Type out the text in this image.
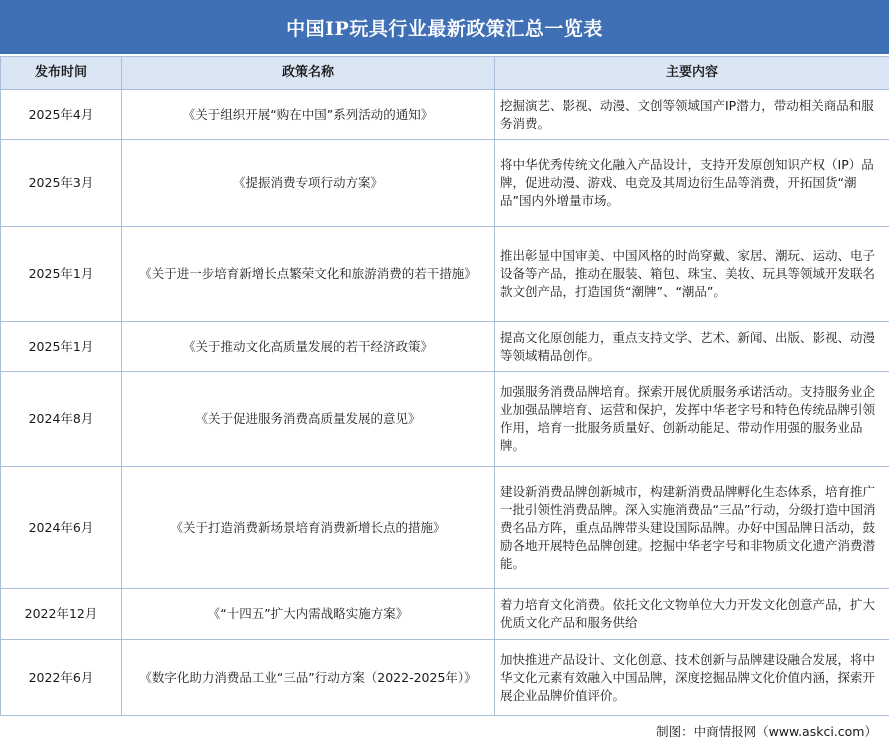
中国IP玩具行业最新政策汇总一览表
发布时间	政策名称	主要内容
2025年4月	《关于组织开展“购在中国”系列活动的通知》	挖掘演艺、影视、动漫、文创等领域国产IP潜力，带动相关商品和服务消费。
2025年3月	《提振消费专项行动方案》	将中华优秀传统文化融入产品设计，支持开发原创知识产权（IP）品牌，促进动漫、游戏、电竞及其周边衍生品等消费，开拓国货“潮品”国内外增量市场。
2025年1月	《关于进一步培育新增长点繁荣文化和旅游消费的若干措施》	推出彰显中国审美、中国风格的时尚穿戴、家居、潮玩、运动、电子设备等产品，推动在服装、箱包、珠宝、美妆、玩具等领域开发联名款文创产品，打造国货“潮牌”、“潮品”。
2025年1月	《关于推动文化高质量发展的若干经济政策》	提高文化原创能力，重点支持文学、艺术、新闻、出版、影视、动漫等领域精品创作。
2024年8月	《关于促进服务消费高质量发展的意见》	加强服务消费品牌培育。探索开展优质服务承诺活动。支持服务业企业加强品牌培育、运营和保护，发挥中华老字号和特色传统品牌引领作用，培育一批服务质量好、创新动能足、带动作用强的服务业品牌。
2024年6月	《关于打造消费新场景培育消费新增长点的措施》	建设新消费品牌创新城市，构建新消费品牌孵化生态体系，培育推广一批引领性消费品牌。深入实施消费品“三品”行动，分级打造中国消费名品方阵，重点品牌带头建设国际品牌。办好中国品牌日活动，鼓励各地开展特色品牌创建。挖掘中华老字号和非物质文化遗产消费潜能。
2022年12月	《“十四五”扩大内需战略实施方案》	着力培育文化消费。依托文化文物单位大力开发文化创意产品，扩大优质文化产品和服务供给
2022年6月	《数字化助力消费品工业“三品”行动方案（2022-2025年）》	加快推进产品设计、文化创意、技术创新与品牌建设融合发展，将中华文化元素有效融入中国品牌，深度挖掘品牌文化价值内涵，探索开展企业品牌价值评价。
制图：中商情报网（www.askci.com）
